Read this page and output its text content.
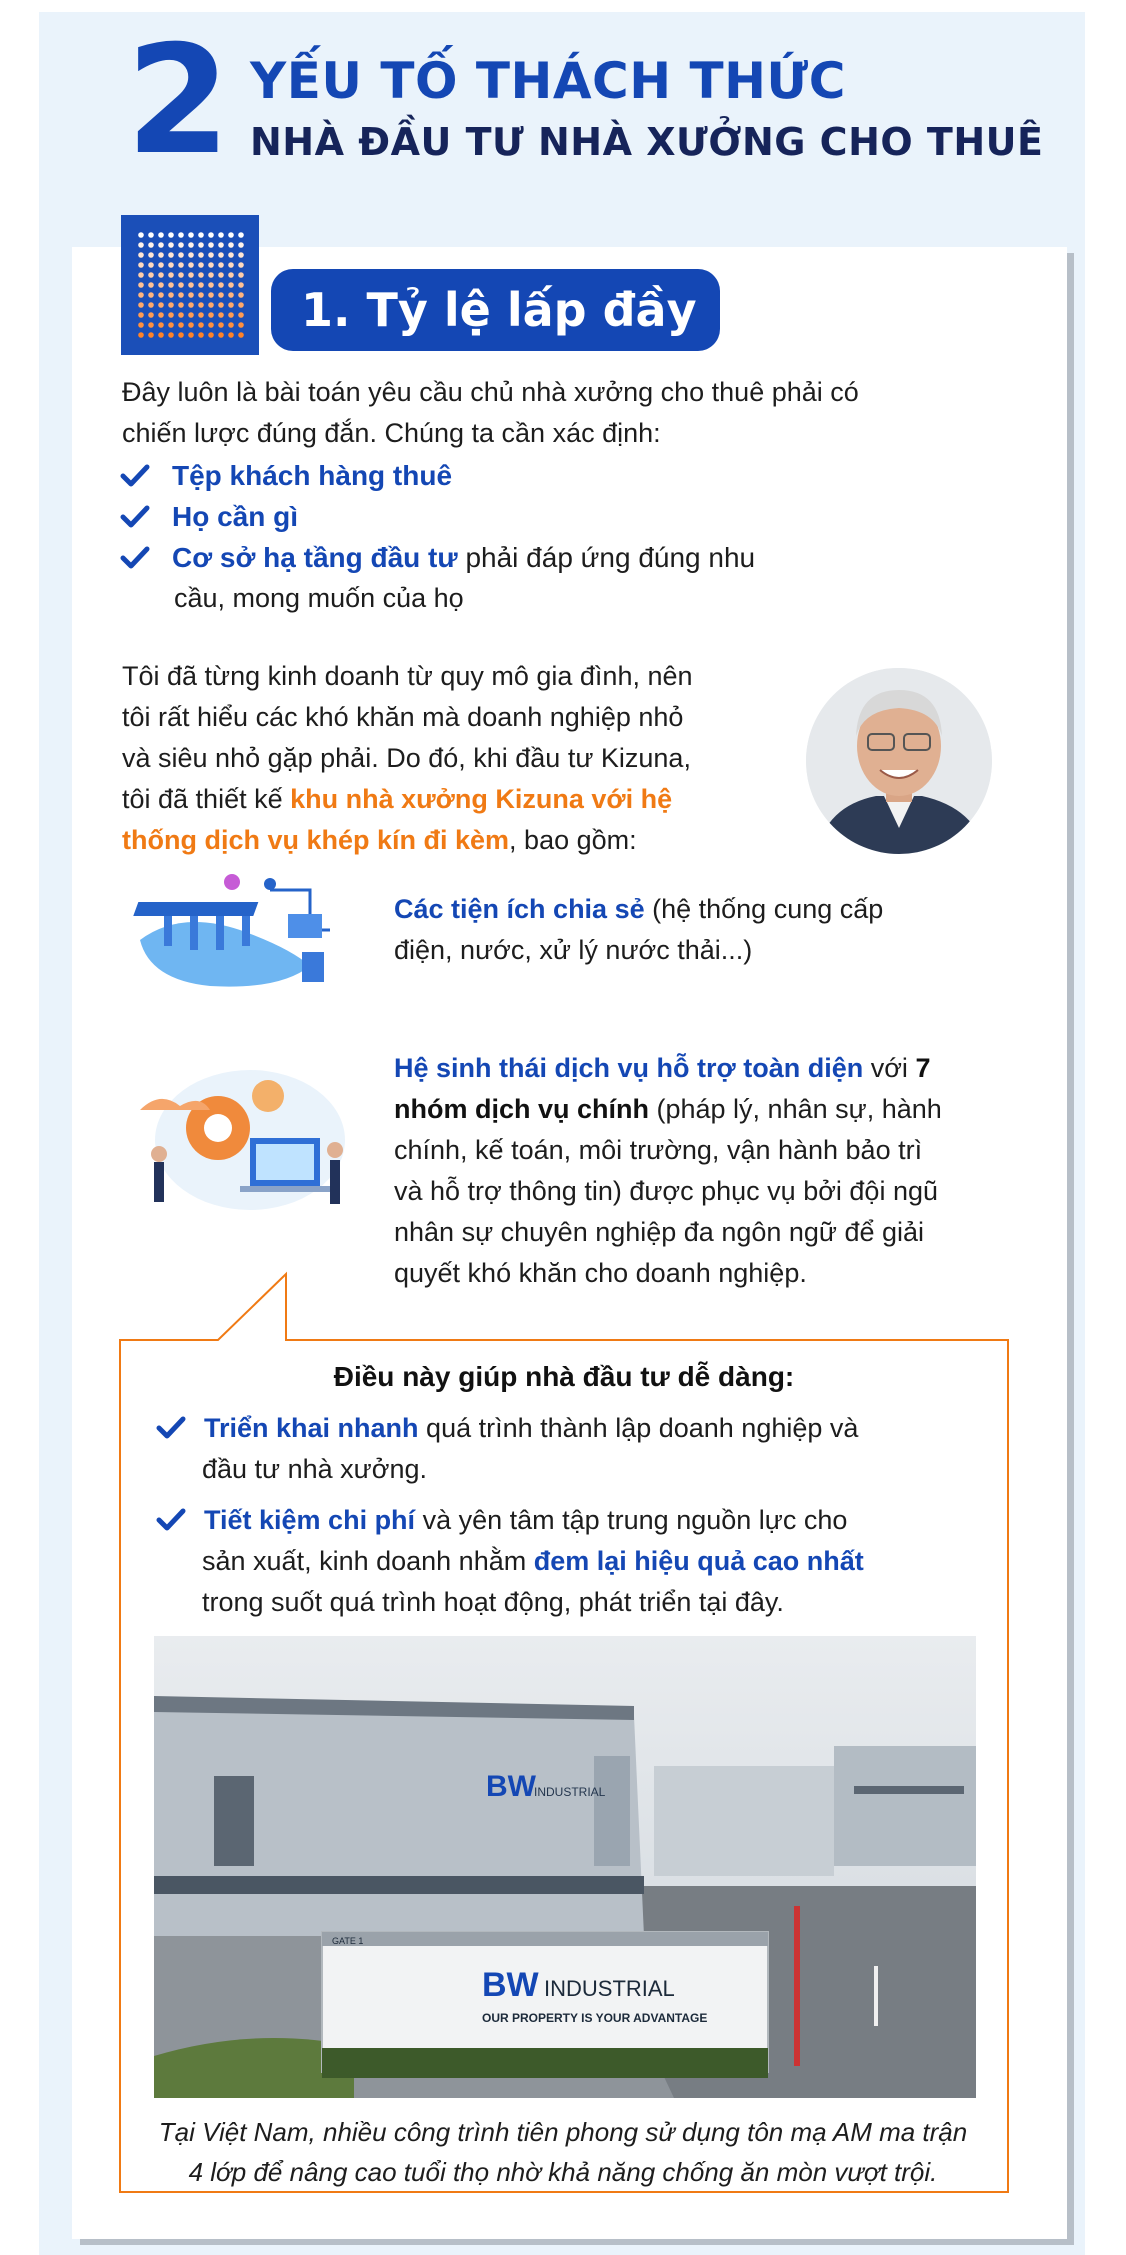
2 YẾU TỐ THÁCH THỨC
NHÀ ĐẦU TƯ NHÀ XƯỞNG CHO THUÊ
1. Tỷ lệ lấp đầy
Đây luôn là bài toán yêu cầu chủ nhà xưởng cho thuê phải có
chiến lược đúng đắn. Chúng ta cần xác định:
Tệp khách hàng thuê
Họ cần gì
Cơ sở hạ tầng đầu tư phải đáp ứng đúng nhu
cầu, mong muốn của họ
Tôi đã từng kinh doanh từ quy mô gia đình, nên
tôi rất hiểu các khó khăn mà doanh nghiệp nhỏ
và siêu nhỏ gặp phải. Do đó, khi đầu tư Kizuna,
tôi đã thiết kế khu nhà xưởng Kizuna với hệ
thống dịch vụ khép kín đi kèm, bao gồm:
Các tiện ích chia sẻ (hệ thống cung cấp
điện, nước, xử lý nước thải...)
Hệ sinh thái dịch vụ hỗ trợ toàn diện với 7
nhóm dịch vụ chính (pháp lý, nhân sự, hành
chính, kế toán, môi trường, vận hành bảo trì
và hỗ trợ thông tin) được phục vụ bởi đội ngũ
nhân sự chuyên nghiệp đa ngôn ngữ để giải
quyết khó khăn cho doanh nghiệp.
Điều này giúp nhà đầu tư dễ dàng:
Triển khai nhanh quá trình thành lập doanh nghiệp và
đầu tư nhà xưởng.
Tiết kiệm chi phí và yên tâm tập trung nguồn lực cho
sản xuất, kinh doanh nhằm đem lại hiệu quả cao nhất
trong suốt quá trình hoạt động, phát triển tại đây.
BW
INDUSTRIAL
GATE 1
BW INDUSTRIAL
OUR PROPERTY IS YOUR ADVANTAGE
Tại Việt Nam, nhiều công trình tiên phong sử dụng tôn mạ AM ma trận
4 lớp để nâng cao tuổi thọ nhờ khả năng chống ăn mòn vượt trội.
